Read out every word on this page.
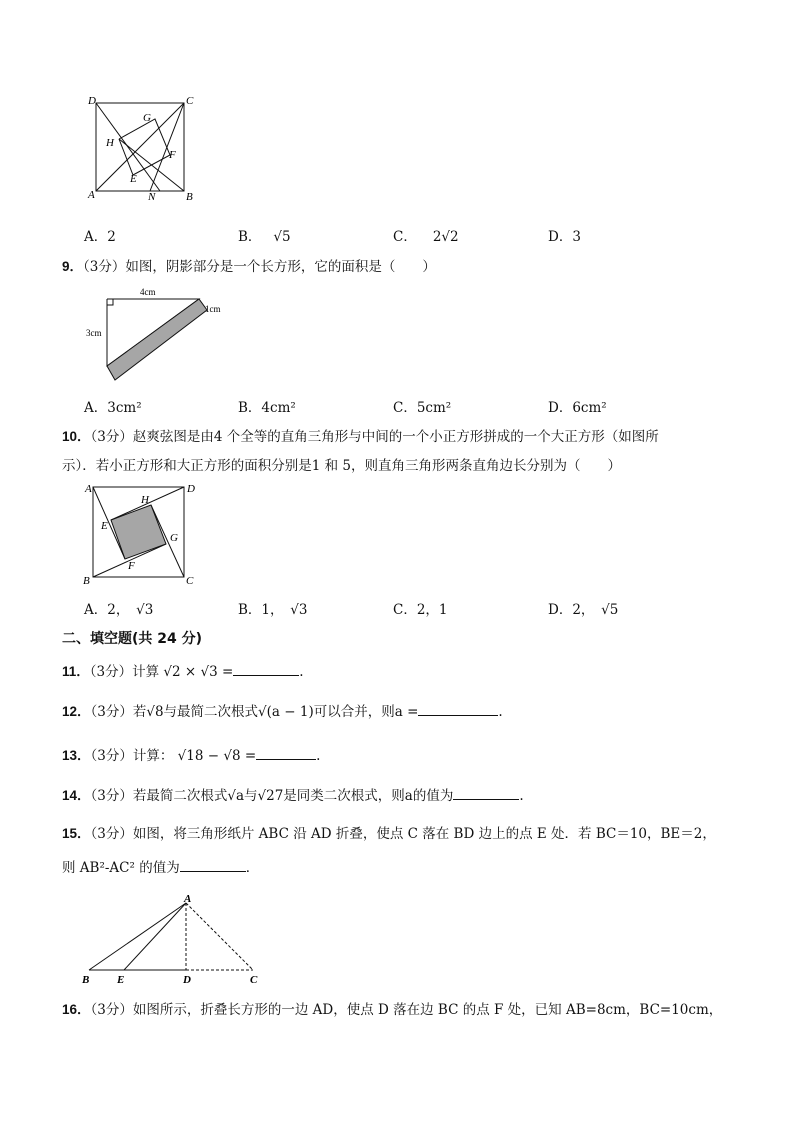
D	C
G
H
F
E
A	N	B
A．2	B． √5	C． 2√2	D．3
9．（3分）如图，阴影部分是一个长方形，它的面积是（　　）
4cm
3cm
1cm
A．3cm²	B．4cm²	C．5cm²	D．6cm²
10．（3分）赵爽弦图是由4 个全等的直角三角形与中间的一个小正方形拼成的一个大正方形（如图所
示）．若小正方形和大正方形的面积分别是1 和 5，则直角三角形两条直角边长分别为（　　）
A	D
H
E
G
F
B	C
A．2，　√3	B．1，　√3	C．2，1	D．2，　√5
二、填空题(共 24 分)
11．（3分）计算 √2 × √3 =	.
12．（3分）若√8与最简二次根式√(a − 1)可以合并，则a =	.
13．（3分）计算： √18 − √8 =	.
14．（3分）若最简二次根式√a与√27是同类二次根式，则a的值为	.
15．（3分）如图，将三角形纸片 ABC 沿 AD 折叠，使点 C 落在 BD 边上的点 E 处．若 BC＝10，BE＝2，
则 AB²-AC² 的值为	．
A
B	E	D	C
16．（3分）如图所示，折叠长方形的一边 AD，使点 D 落在边 BC 的点 F 处，已知 AB=8cm，BC=10cm，
